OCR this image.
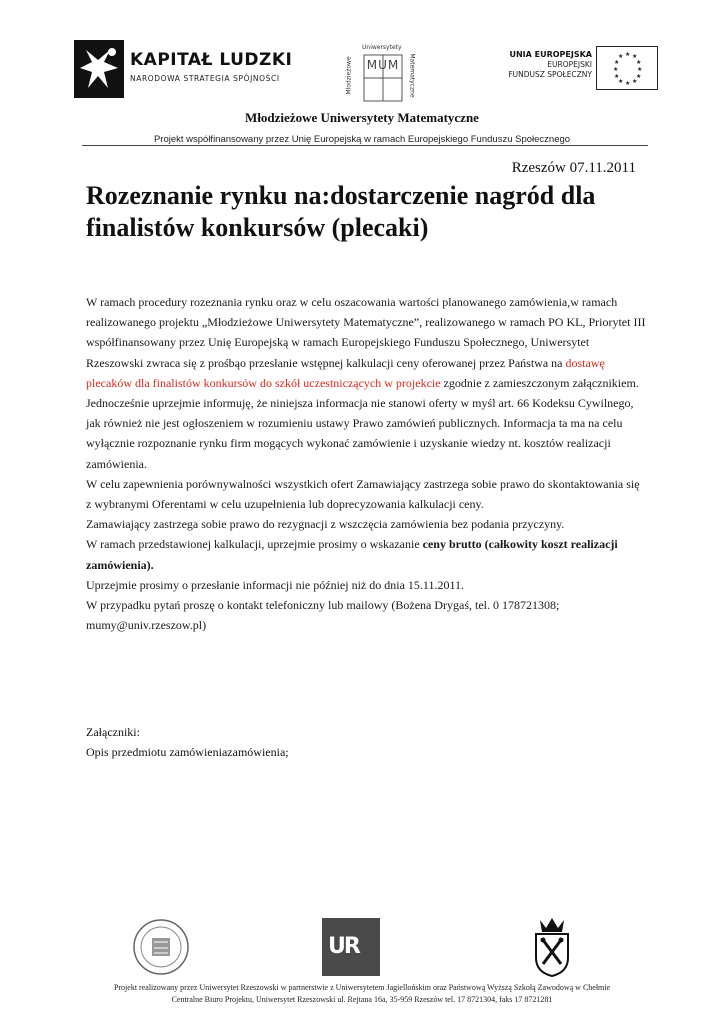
KAPITAŁ LUDZKI
NARODOWA STRATEGIA SPÓJNOŚCI
Uniwersytety
Młodzieżowe	Matematyczne
MUM
UNIA EUROPEJSKA
EUROPEJSKI
FUNDUSZ SPOŁECZNY
★ ★
★
★
★
★
★
★
★
★
★
★
Młodzieżowe Uniwersytety Matematyczne
Projekt współfinansowany przez Unię Europejską w ramach Europejskiego Funduszu Społecznego
Rzeszów 07.11.2011
Rozeznanie rynku na:dostarczenie nagród dla finalistów konkursów (plecaki)

W ramach procedury rozeznania rynku oraz w celu oszacowania wartości planowanego zamówienia,w ramach realizowanego projektu „Młodzieżowe Uniwersytety Matematyczne”, realizowanego w ramach PO KL, Priorytet III współfinansowany przez Unię Europejską w ramach Europejskiego Funduszu Społecznego, Uniwersytet Rzeszowski zwraca się z prośbąo przesłanie wstępnej kalkulacji ceny oferowanej przez Państwa na dostawę plecaków dla finalistów konkursów do szkół uczestniczących w projekcie zgodnie z zamieszczonym załącznikiem.

Jednocześnie uprzejmie informuję, że niniejsza informacja nie stanowi oferty w myśl art. 66 Kodeksu Cywilnego, jak również nie jest ogłoszeniem w rozumieniu ustawy Prawo zamówień publicznych. Informacja ta ma na celu wyłącznie rozpoznanie rynku firm mogących wykonać zamówienie i uzyskanie wiedzy nt. kosztów realizacji zamówienia.

W celu zapewnienia porównywalności wszystkich ofert Zamawiający zastrzega sobie prawo do skontaktowania się z wybranymi Oferentami w celu uzupełnienia lub doprecyzowania kalkulacji ceny.

Zamawiający zastrzega sobie prawo do rezygnacji z wszczęcia zamówienia bez podania przyczyny.

W ramach przedstawionej kalkulacji, uprzejmie prosimy o wskazanie ceny brutto (całkowity koszt realizacji zamówienia).

Uprzejmie prosimy o przesłanie informacji nie później niż do dnia 15.11.2011.

W przypadku pytań proszę o kontakt telefoniczny lub mailowy (Bożena Drygaś, tel. 0 178721308; mumy@univ.rzeszow.pl)

Załączniki:

Opis przedmiotu zamówieniazamówienia;

UR

Projekt realizowany przez Uniwersytet Rzeszowski w partnerstwie z Uniwersytetem Jagiellońskim oraz Państwową Wyższą Szkołą Zawodową w Chełmie

Centralne Biuro Projektu, Uniwersytet Rzeszowski ul. Rejtana 16a, 35-959 Rzeszów tel. 17 8721304, faks 17 8721281
